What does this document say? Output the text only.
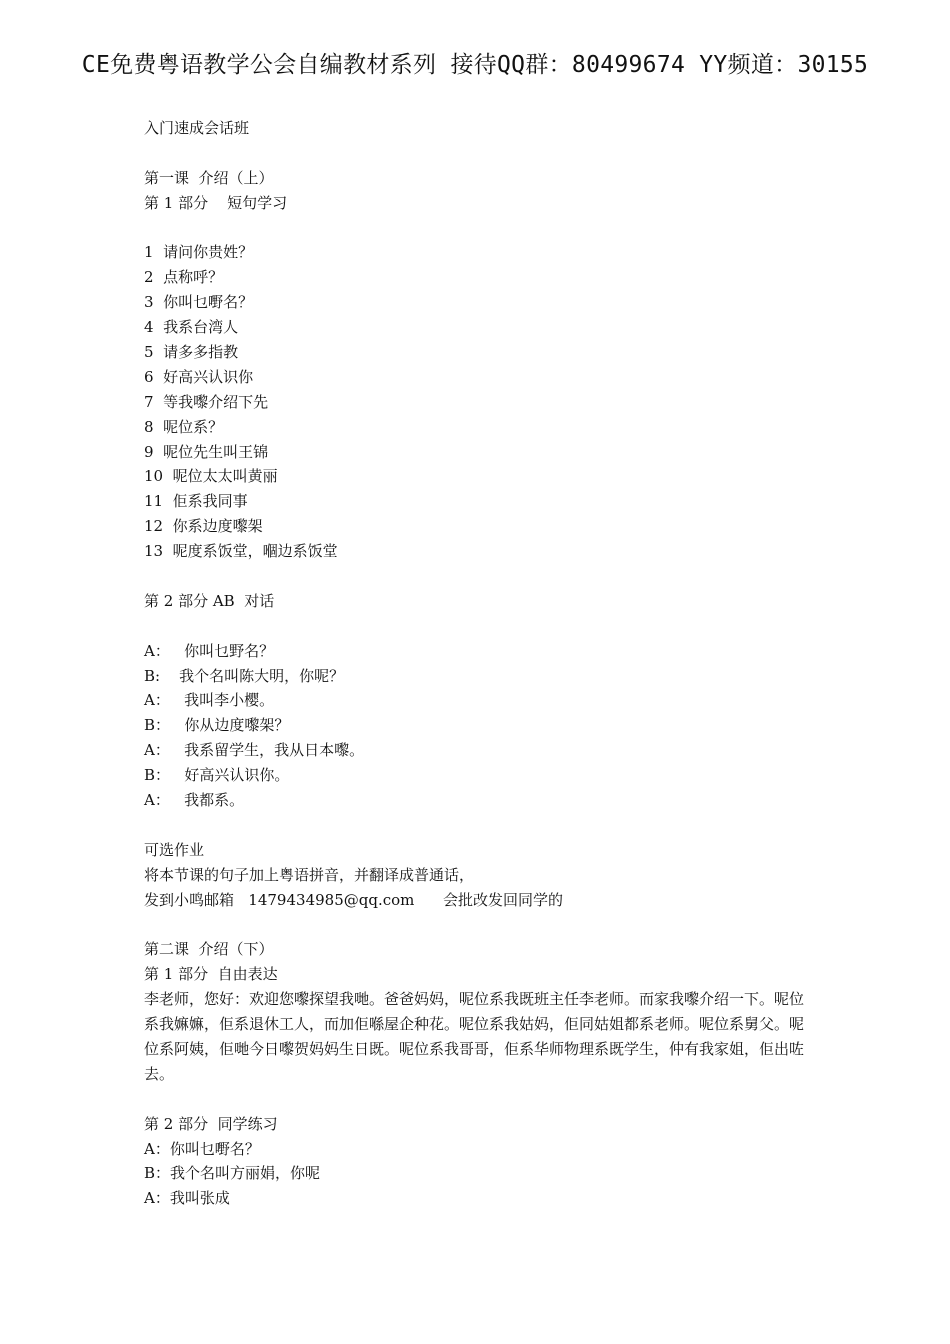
CE免费粤语教学公会自编教材系列 接待QQ群：80499674 YY频道：30155
入门速成会话班
第一课  介绍（上）
第 1 部分    短句学习
1  请问你贵姓？
2  点称呼？
3  你叫乜嘢名？
4  我系台湾人
5  请多多指教
6  好高兴认识你
7  等我嚟介绍下先
8  呢位系？
9  呢位先生叫王锦
10  呢位太太叫黄丽
11  佢系我同事
12  你系边度嚟架
13  呢度系饭堂，嗰边系饭堂
第 2 部分 AB  对话
A：   你叫乜野名？
B:    我个名叫陈大明，你呢？
A：   我叫李小樱。
B：   你从边度嚟架？
A：   我系留学生，我从日本嚟。
B：   好高兴认识你。
A：   我都系。
可选作业
将本节课的句子加上粤语拼音，并翻译成普通话，
发到小鸣邮箱   1479434985@qq.com      会批改发回同学的
第二课  介绍（下）
第 1 部分  自由表达
李老师，您好：欢迎您嚟探望我哋。爸爸妈妈，呢位系我既班主任李老师。而家我嚟介绍一下。呢位系我嫲嫲，佢系退休工人，而加佢喺屋企种花。呢位系我姑妈，佢同姑姐都系老师。呢位系舅父。呢位系阿姨，佢哋今日嚟贺妈妈生日既。呢位系我哥哥，佢系华师物理系既学生，仲有我家姐，佢出咗去。
第 2 部分  同学练习
A：你叫乜嘢名？
B：我个名叫方丽娟，你呢
A：我叫张成
